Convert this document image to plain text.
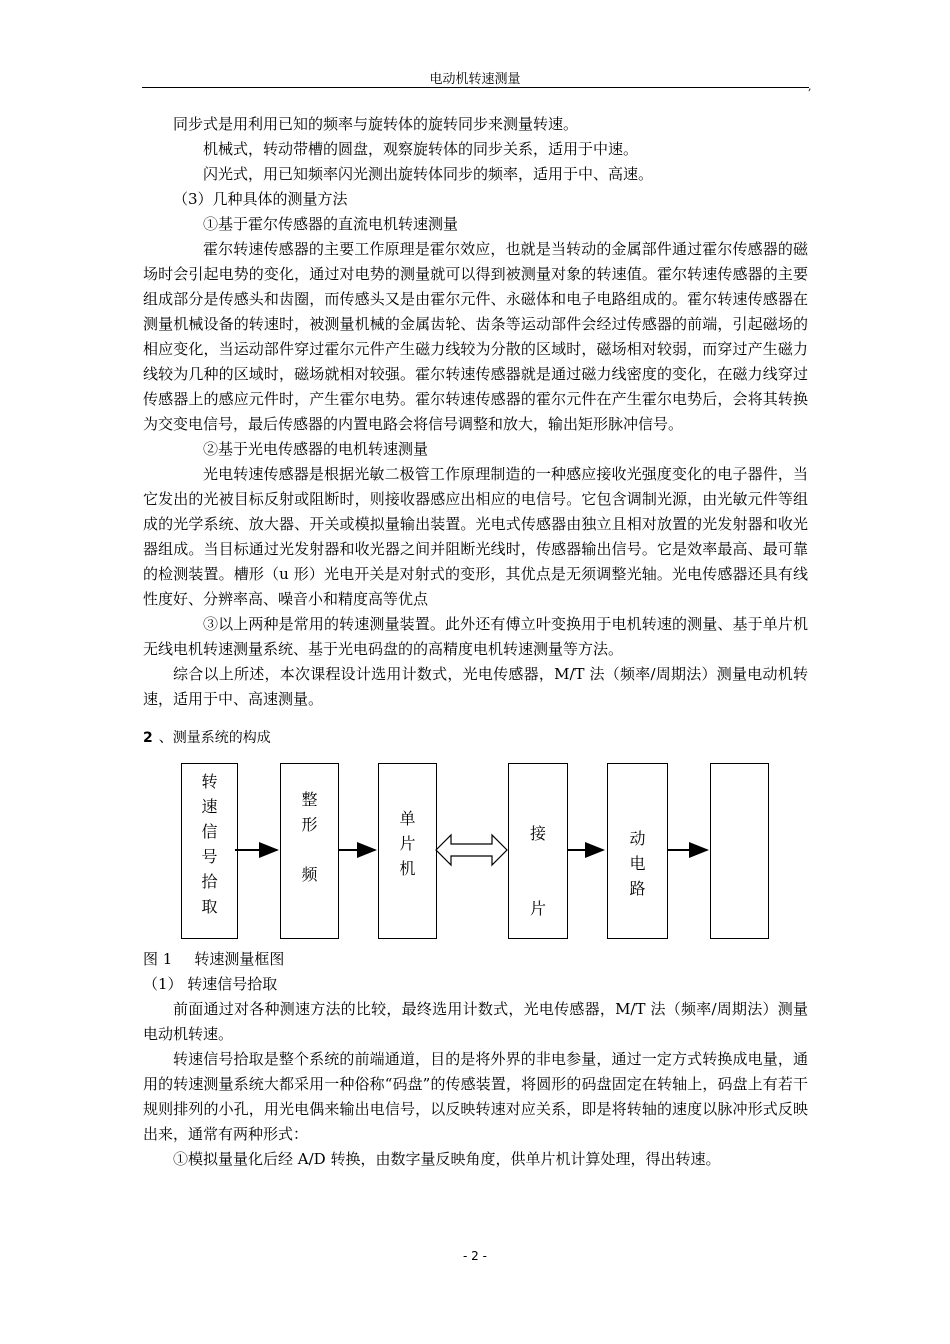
电动机转速测量	,

同步式是用利用已知的频率与旋转体的旋转同步来测量转速。

机械式，转动带槽的圆盘，观察旋转体的同步关系，适用于中速。

闪光式，用已知频率闪光测出旋转体同步的频率，适用于中、高速。

（3）几种具体的测量方法

①基于霍尔传感器的直流电机转速测量

霍尔转速传感器的主要工作原理是霍尔效应，也就是当转动的金属部件通过霍尔传感器的磁场时会引起电势的变化，通过对电势的测量就可以得到被测量对象的转速值。霍尔转速传感器的主要组成部分是传感头和齿圈，而传感头又是由霍尔元件、永磁体和电子电路组成的。霍尔转速传感器在测量机械设备的转速时，被测量机械的金属齿轮、齿条等运动部件会经过传感器的前端，引起磁场的相应变化，当运动部件穿过霍尔元件产生磁力线较为分散的区域时，磁场相对较弱，而穿过产生磁力线较为几种的区域时，磁场就相对较强。霍尔转速传感器就是通过磁力线密度的变化，在磁力线穿过传感器上的感应元件时，产生霍尔电势。霍尔转速传感器的霍尔元件在产生霍尔电势后，会将其转换为交变电信号，最后传感器的内置电路会将信号调整和放大，输出矩形脉冲信号。

②基于光电传感器的电机转速测量

光电转速传感器是根据光敏二极管工作原理制造的一种感应接收光强度变化的电子器件，当它发出的光被目标反射或阻断时，则接收器感应出相应的电信号。它包含调制光源，由光敏元件等组成的光学系统、放大器、开关或模拟量输出装置。光电式传感器由独立且相对放置的光发射器和收光器组成。当目标通过光发射器和收光器之间并阻断光线时，传感器输出信号。它是效率最高、最可靠的检测装置。槽形（u 形）光电开关是对射式的变形，其优点是无须调整光轴。光电传感器还具有线性度好、分辨率高、噪音小和精度高等优点

③以上两种是常用的转速测量装置。此外还有傅立叶变换用于电机转速的测量、基于单片机无线电机转速测量系统、基于光电码盘的的高精度电机转速测量等方法。

综合以上所述，本次课程设计选用计数式，光电传感器，M/T 法（频率/周期法）测量电动机转速，适用于中、高速测量。

2 、测量系统的构成

转
速
信
号
拾
取
整
形
频
单
片
机
接
片
动
电
路

图 1 转速测量框图

（1） 转速信号拾取

前面通过对各种测速方法的比较，最终选用计数式，光电传感器，M/T 法（频率/周期法）测量电动机转速。

转速信号拾取是整个系统的前端通道，目的是将外界的非电参量，通过一定方式转换成电量，通用的转速测量系统大都采用一种俗称“码盘”的传感装置，将圆形的码盘固定在转轴上，码盘上有若干规则排列的小孔，用光电偶来输出电信号，以反映转速对应关系，即是将转轴的速度以脉冲形式反映出来，通常有两种形式：

①模拟量量化后经 A/D 转换，由数字量反映角度，供单片机计算处理，得出转速。

- 2 -
